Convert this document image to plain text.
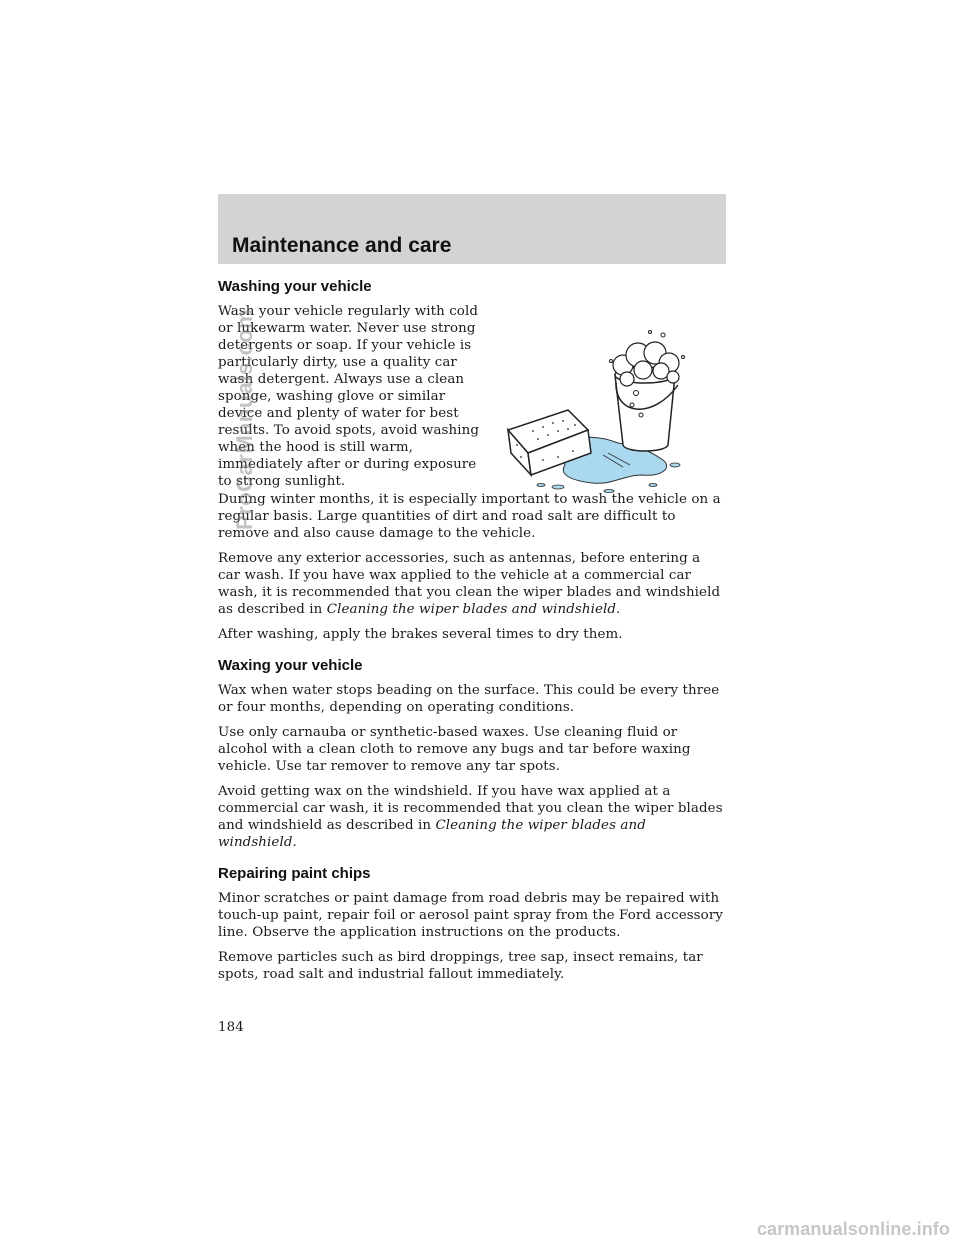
Maintenance and care
Washing your vehicle

Wash your vehicle regularly with cold or lukewarm water. Never use strong detergents or soap. If your vehicle is particularly dirty, use a quality car wash detergent. Always use a clean sponge, washing glove or similar device and plenty of water for best results. To avoid spots, avoid washing when the hood is still warm, immediately after or during exposure to strong sunlight.

During winter months, it is especially important to wash the vehicle on a regular basis. Large quantities of dirt and road salt are difficult to remove and also cause damage to the vehicle.

Remove any exterior accessories, such as antennas, before entering a car wash. If you have wax applied to the vehicle at a commercial car wash, it is recommended that you clean the wiper blades and windshield as described in Cleaning the wiper blades and windshield.

After washing, apply the brakes several times to dry them.

Waxing your vehicle

Wax when water stops beading on the surface. This could be every three or four months, depending on operating conditions.

Use only carnauba or synthetic-based waxes. Use cleaning fluid or alcohol with a clean cloth to remove any bugs and tar before waxing vehicle. Use tar remover to remove any tar spots.

Avoid getting wax on the windshield. If you have wax applied at a commercial car wash, it is recommended that you clean the wiper blades and windshield as described in Cleaning the wiper blades and windshield.

Repairing paint chips

Minor scratches or paint damage from road debris may be repaired with touch-up paint, repair foil or aerosol paint spray from the Ford accessory line. Observe the application instructions on the products.

Remove particles such as bird droppings, tree sap, insect remains, tar spots, road salt and industrial fallout immediately.

184

ProCarManuals.com

carmanualsonline.info
